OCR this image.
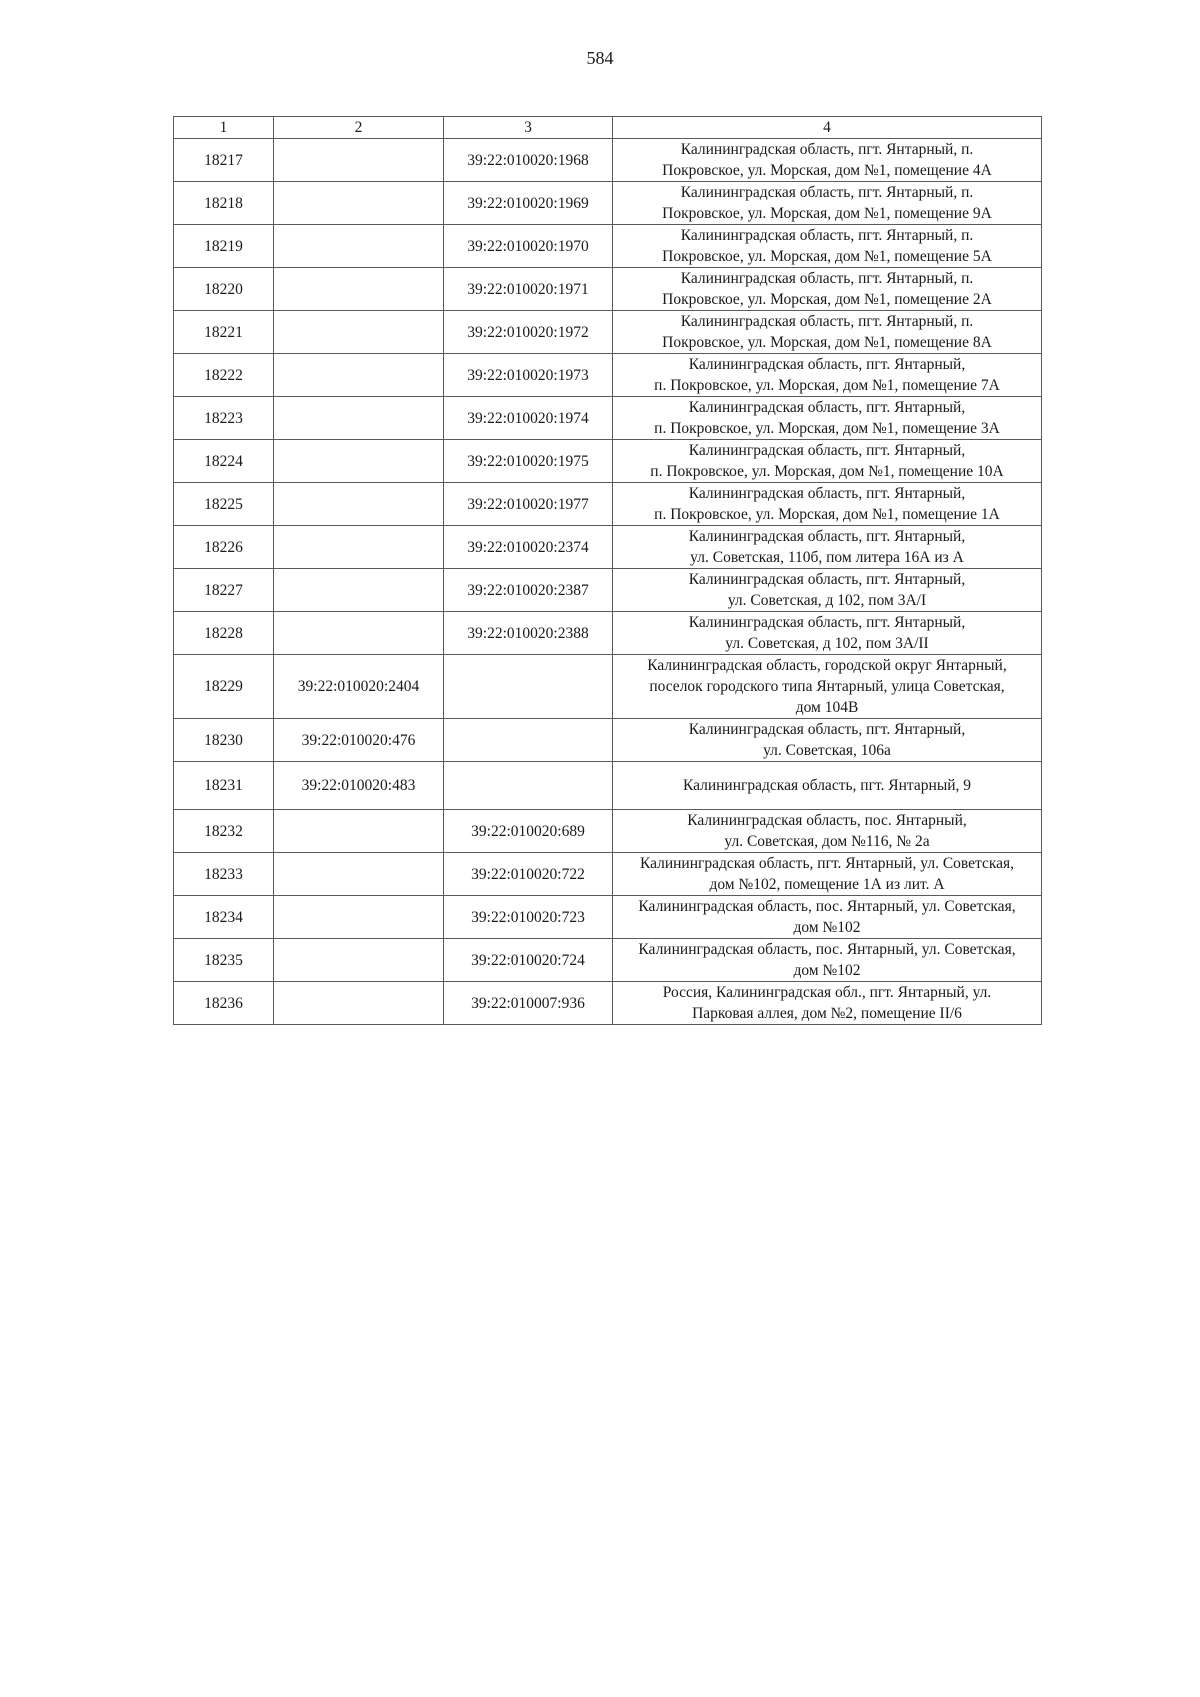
584
1	2	3	4
18217		39:22:010020:1968	Калининградская область, пгт. Янтарный, п.
Покровское, ул. Морская, дом №1, помещение 4А
18218		39:22:010020:1969	Калининградская область, пгт. Янтарный, п.
Покровское, ул. Морская, дом №1, помещение 9А
18219		39:22:010020:1970	Калининградская область, пгт. Янтарный, п.
Покровское, ул. Морская, дом №1, помещение 5А
18220		39:22:010020:1971	Калининградская область, пгт. Янтарный, п.
Покровское, ул. Морская, дом №1, помещение 2А
18221		39:22:010020:1972	Калининградская область, пгт. Янтарный, п.
Покровское, ул. Морская, дом №1, помещение 8А
18222		39:22:010020:1973	Калининградская область, пгт. Янтарный,
п. Покровское, ул. Морская, дом №1, помещение 7А
18223		39:22:010020:1974	Калининградская область, пгт. Янтарный,
п. Покровское, ул. Морская, дом №1, помещение 3А
18224		39:22:010020:1975	Калининградская область, пгт. Янтарный,
п. Покровское, ул. Морская, дом №1, помещение 10А
18225		39:22:010020:1977	Калининградская область, пгт. Янтарный,
п. Покровское, ул. Морская, дом №1, помещение 1А
18226		39:22:010020:2374	Калининградская область, пгт. Янтарный,
ул. Советская, 110б, пом литера 16А из А
18227		39:22:010020:2387	Калининградская область, пгт. Янтарный,
ул. Советская, д 102, пом 3А/I
18228		39:22:010020:2388	Калининградская область, пгт. Янтарный,
ул. Советская, д 102, пом 3А/II
18229	39:22:010020:2404		Калининградская область, городской округ Янтарный,
поселок городского типа Янтарный, улица Советская,
дом 104В
18230	39:22:010020:476		Калининградская область, пгт. Янтарный,
ул. Советская, 106а
18231	39:22:010020:483		Калининградская область, пгт. Янтарный, 9
18232		39:22:010020:689	Калининградская область, пос. Янтарный,
ул. Советская, дом №116, № 2а
18233		39:22:010020:722	Калининградская область, пгт. Янтарный, ул. Советская,
дом №102, помещение 1А из лит. А
18234		39:22:010020:723	Калининградская область, пос. Янтарный, ул. Советская,
дом №102
18235		39:22:010020:724	Калининградская область, пос. Янтарный, ул. Советская,
дом №102
18236		39:22:010007:936	Россия, Калининградская обл., пгт. Янтарный, ул.
Парковая аллея, дом №2, помещение II/6
